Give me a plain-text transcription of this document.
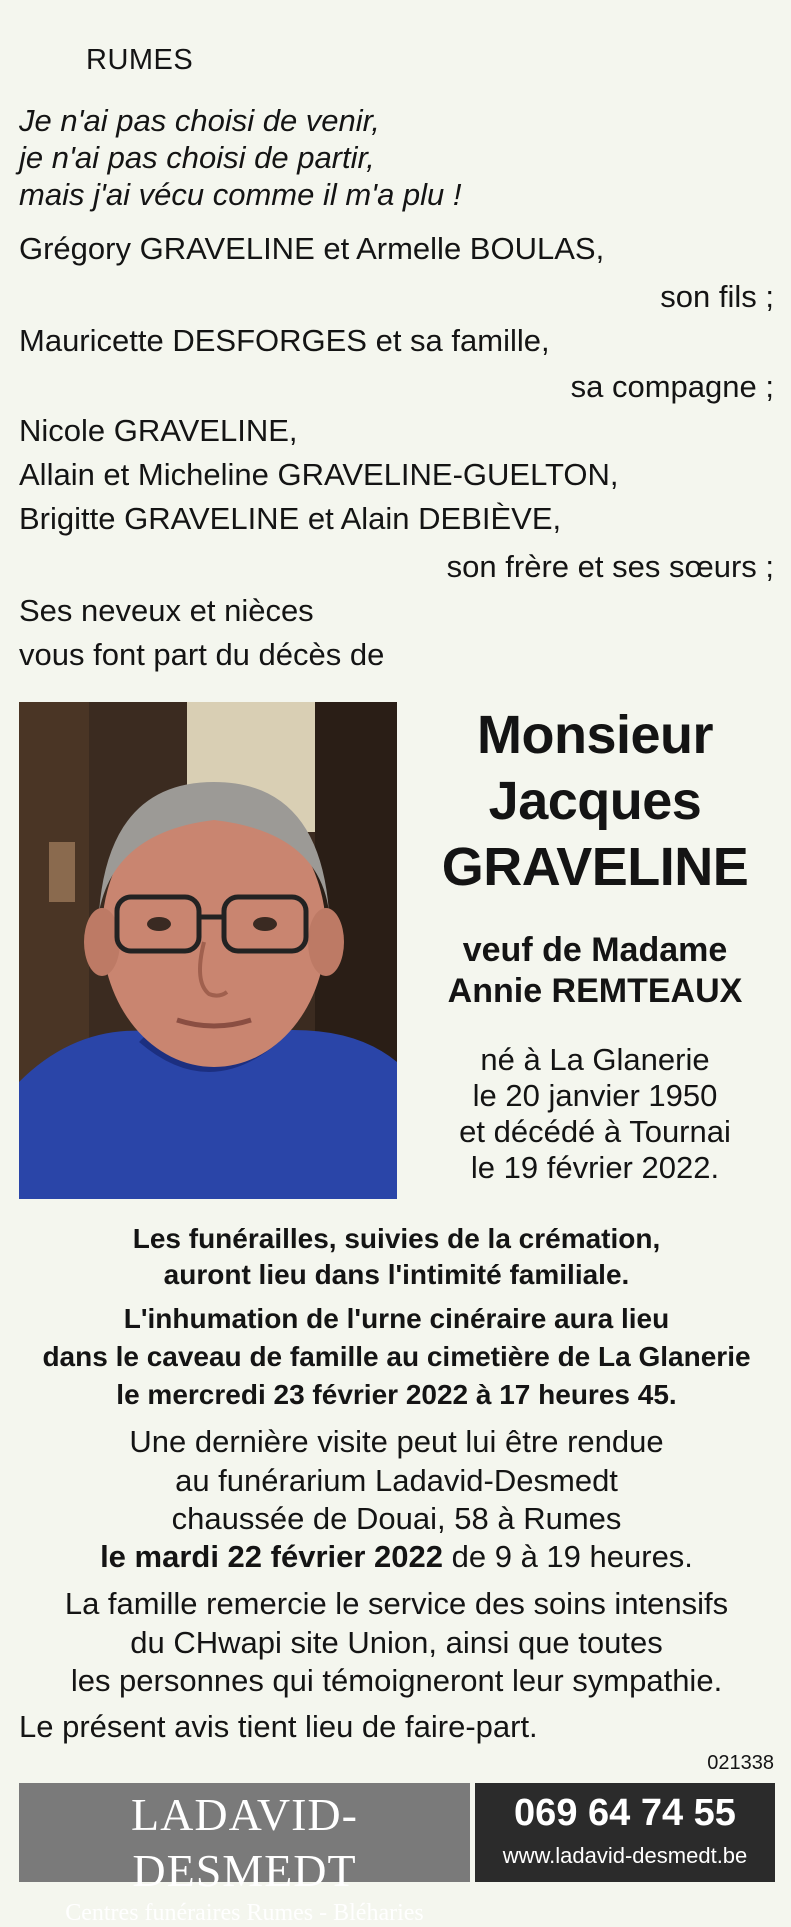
RUMES
Je n'ai pas choisi de venir,
je n'ai pas choisi de partir,
mais j'ai vécu comme il m'a plu !
Grégory GRAVELINE et Armelle BOULAS,
son fils ;
Mauricette DESFORGES et sa famille,
sa compagne ;
Nicole GRAVELINE,
Allain et Micheline GRAVELINE-GUELTON,
Brigitte GRAVELINE et Alain DEBIÈVE,
son frère et ses sœurs ;
Ses neveux et nièces
vous font part du décès de
Monsieur
Jacques
GRAVELINE
veuf de Madame
Annie REMTEAUX
né à La Glanerie
le 20 janvier 1950
et décédé à Tournai
le 19 février 2022.
Les funérailles, suivies de la crémation,
auront lieu dans l'intimité familiale.
L'inhumation de l'urne cinéraire aura lieu
dans le caveau de famille au cimetière de La Glanerie
le mercredi 23 février 2022 à 17 heures 45.
Une dernière visite peut lui être rendue
au funérarium Ladavid-Desmedt
chaussée de Douai, 58 à Rumes
le mardi 22 février 2022 de 9 à 19 heures.
La famille remercie le service des soins intensifs
du CHwapi site Union, ainsi que toutes
les personnes qui témoigneront leur sympathie.
Le présent avis tient lieu de faire-part.
021338
LADAVID-DESMEDT
Centres funéraires Rumes - Bléharies
069 64 74 55
www.ladavid-desmedt.be
